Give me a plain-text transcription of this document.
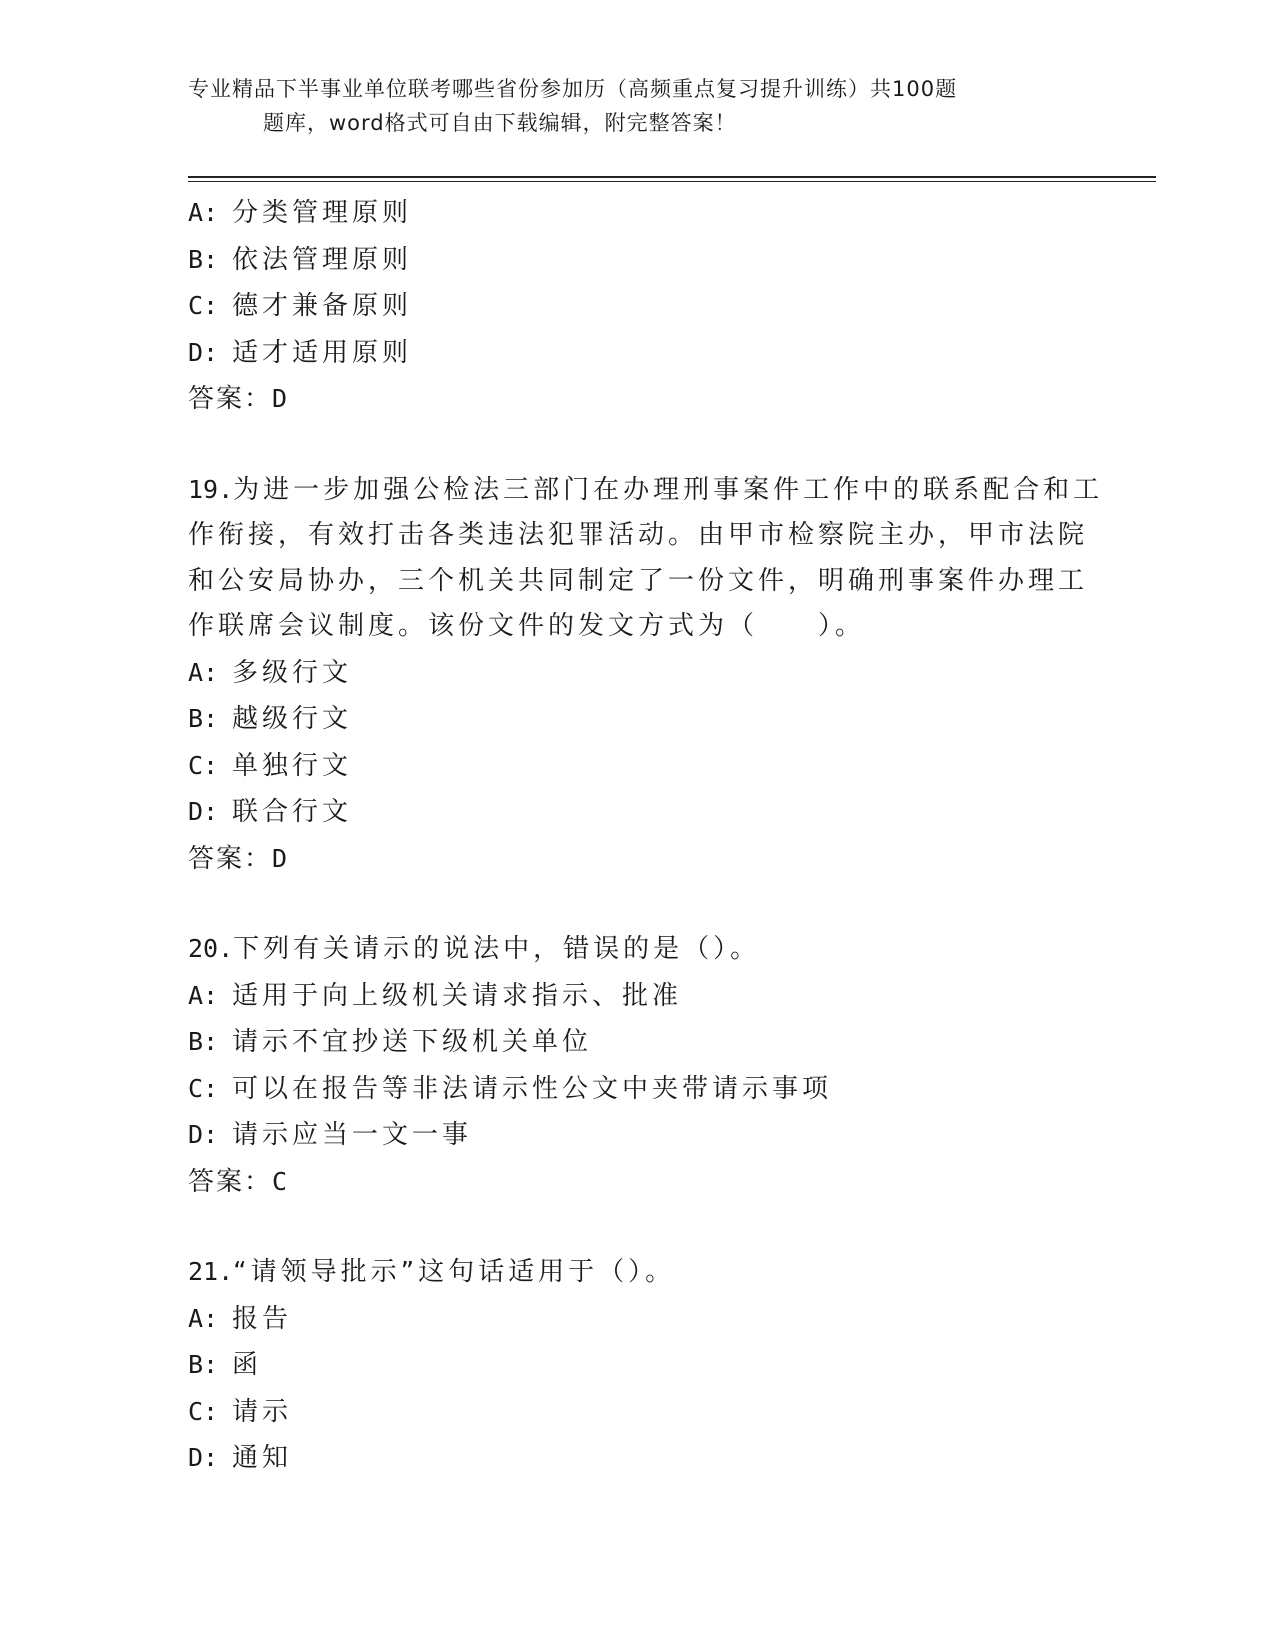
专业精品下半事业单位联考哪些省份参加历（高频重点复习提升训练）共100题
题库，word格式可自由下载编辑，附完整答案！
A: 分类管理原则
B: 依法管理原则
C: 德才兼备原则
D: 适才适用原则
答案：D
19.为进一步加强公检法三部门在办理刑事案件工作中的联系配合和工
作衔接，有效打击各类违法犯罪活动。由甲市检察院主办，甲市法院
和公安局协办，三个机关共同制定了一份文件，明确刑事案件办理工
作联席会议制度。该份文件的发文方式为（　　）。
A: 多级行文
B: 越级行文
C: 单独行文
D: 联合行文
答案：D
20.下列有关请示的说法中，错误的是（）。
A: 适用于向上级机关请求指示、批准
B: 请示不宜抄送下级机关单位
C: 可以在报告等非法请示性公文中夹带请示事项
D: 请示应当一文一事
答案：C
21.“请领导批示”这句话适用于（）。
A: 报告
B: 函
C: 请示
D: 通知
